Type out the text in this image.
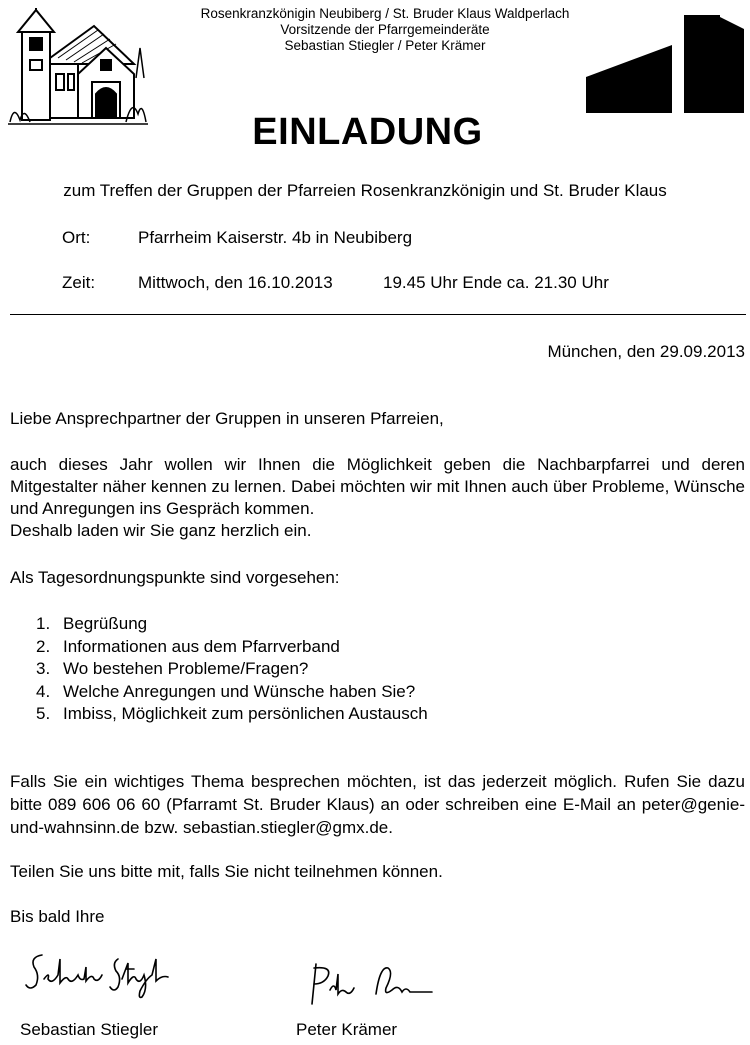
Rosenkranzkönigin Neubiberg / St. Bruder Klaus Waldperlach
Vorsitzende der Pfarrgemeinderäte
Sebastian Stiegler / Peter Krämer
EINLADUNG
zum Treffen der Gruppen der Pfarreien Rosenkranzkönigin und St. Bruder Klaus
Ort:	Pfarrheim Kaiserstr. 4b in Neubiberg
Zeit:	Mittwoch, den 16.10.2013	19.45 Uhr Ende ca. 21.30 Uhr
München, den 29.09.2013
Liebe Ansprechpartner der Gruppen in unseren Pfarreien,
auch dieses Jahr wollen wir Ihnen die Möglichkeit geben die Nachbarpfarrei und deren Mitgestalter näher kennen zu lernen. Dabei möchten wir mit Ihnen auch über Probleme, Wünsche und Anregungen ins Gespräch kommen.
Deshalb laden wir Sie ganz herzlich ein.
Als Tagesordnungspunkte sind vorgesehen:
1. Begrüßung
2. Informationen aus dem Pfarrverband
3. Wo bestehen Probleme/Fragen?
4. Welche Anregungen und Wünsche haben Sie?
5. Imbiss, Möglichkeit zum persönlichen Austausch
Falls Sie ein wichtiges Thema besprechen möchten, ist das jederzeit möglich. Rufen Sie dazu bitte 089 606 06 60 (Pfarramt St. Bruder Klaus) an oder schreiben eine E-Mail an peter@genie-und-wahnsinn.de bzw. sebastian.stiegler@gmx.de.
Teilen Sie uns bitte mit, falls Sie nicht teilnehmen können.
Bis bald Ihre
Sebastian Stiegler	Peter Krämer
